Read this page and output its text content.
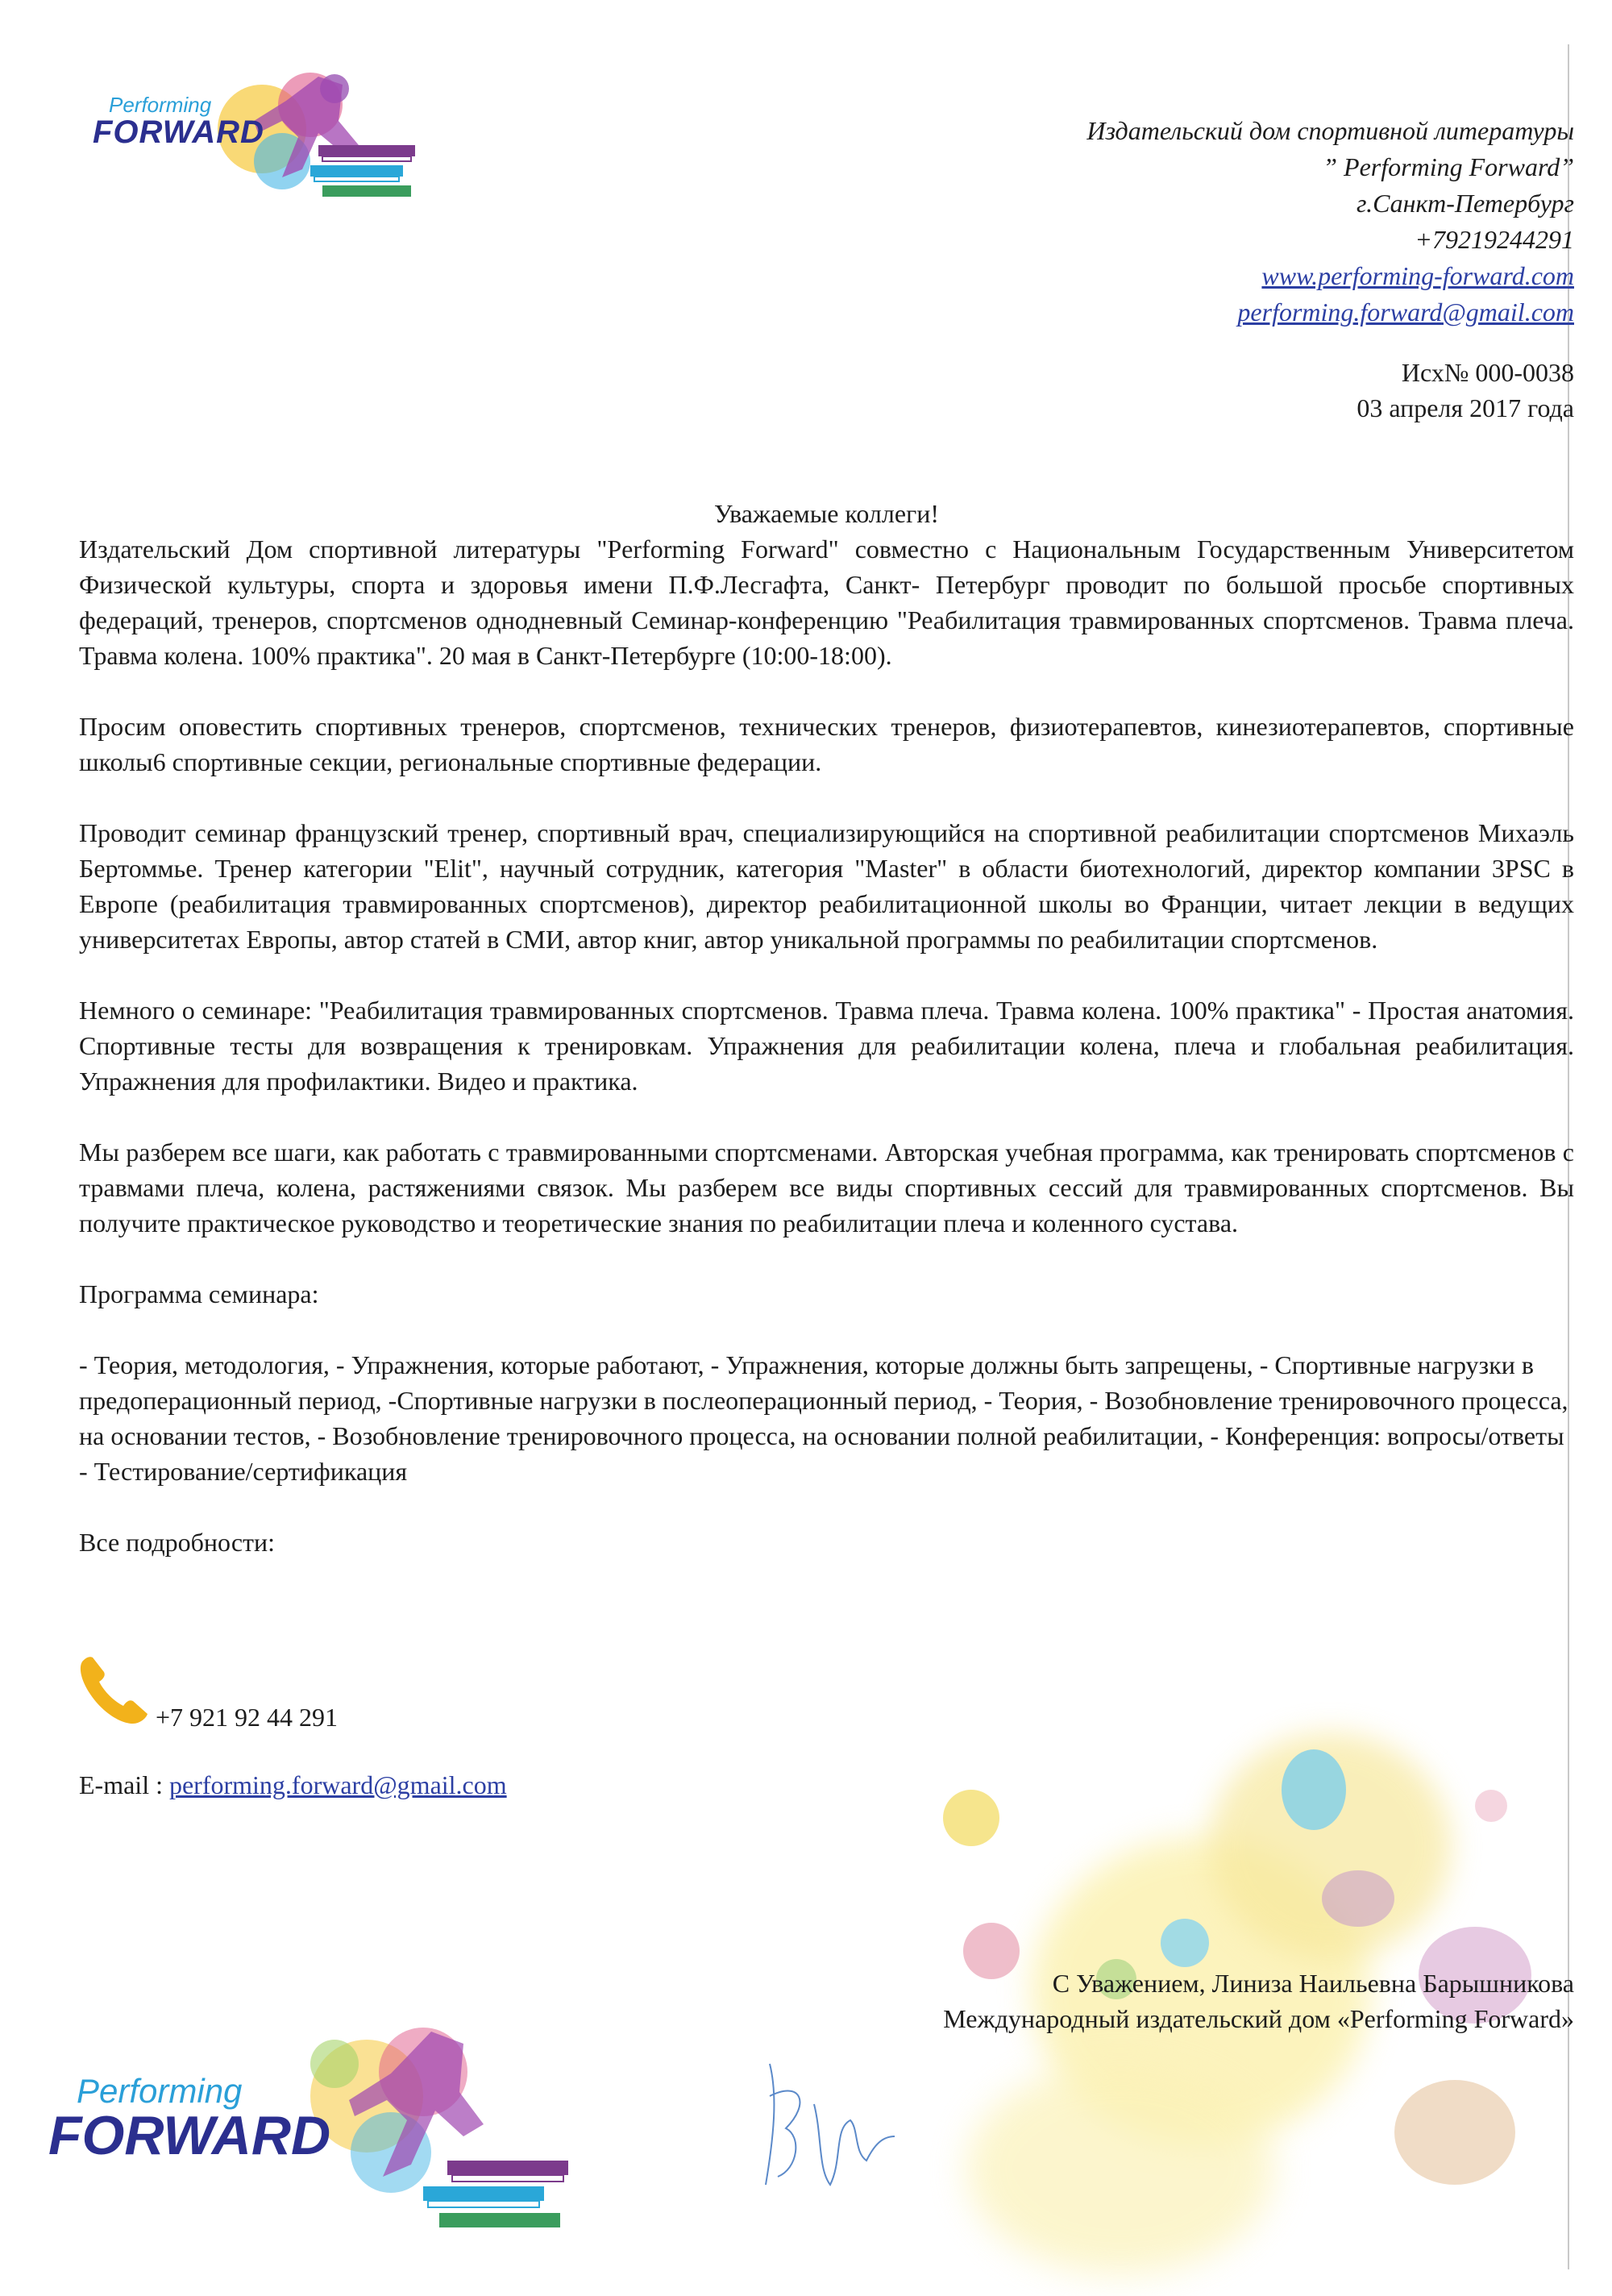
Performing
FORWARD	Издательский дом спортивной литературы
” Performing Forward”
г.Санкт-Петербург
+79219244291
www.performing-forward.com
performing.forward@gmail.com
Исх№ 000-0038
03 апреля 2017 года

Уважаемые коллеги!

Издательский Дом спортивной литературы "Performing Forward" совместно с Национальным Государственным Университетом Физической культуры, спорта и здоровья имени П.Ф.Лесгафта, Санкт- Петербург проводит по большой просьбе спортивных федераций, тренеров, спортсменов однодневный Семинар-конференцию "Реабилитация травмированных спортсменов. Травма плеча. Травма колена. 100% практика". 20 мая в Санкт-Петербурге (10:00-18:00).

Просим оповестить спортивных тренеров, спортсменов, технических тренеров, физиотерапевтов, кинезиотерапевтов, спортивные школы6 спортивные секции, региональные спортивные федерации.

Проводит семинар французский тренер, спортивный врач, специализирующийся на спортивной реабилитации спортсменов Михаэль Бертоммье. Тренер категории "Elit", научный сотрудник, категория "Master" в области биотехнологий, директор компании 3PSC в Европе (реабилитация травмированных спортсменов), директор реабилитационной школы во Франции, читает лекции в ведущих университетах Европы, автор статей в СМИ, автор книг, автор уникальной программы по реабилитации спортсменов.

Немного о семинаре: "Реабилитация травмированных спортсменов. Травма плеча. Травма колена. 100% практика" - Простая анатомия. Спортивные тесты для возвращения к тренировкам. Упражнения для реабилитации колена, плеча и глобальная реабилитация. Упражнения для профилактики. Видео и практика.

Мы разберем все шаги, как работать с травмированными спортсменами. Авторская учебная программа, как тренировать спортсменов с травмами плеча, колена, растяжениями связок. Мы разберем все виды спортивных сессий для травмированных спортсменов. Вы получите практическое руководство и теоретические знания по реабилитации плеча и коленного сустава.

Программа семинара:

- Теория, методология, - Упражнения, которые работают, - Упражнения, которые должны быть запрещены, - Спортивные нагрузки в предоперационный период, -Спортивные нагрузки в послеоперационный период, - Теория, - Возобновление тренировочного процесса, на основании тестов, - Возобновление тренировочного процесса, на основании полной реабилитации, - Конференция: вопросы/ответы - Тестирование/сертификация

Все подробности:

+7 921 92 44 291
E-mail : performing.forward@gmail.com
С Уважением, Линиза Наильевна Барышникова
Международный издательский дом «Performing Forward»
Performing
FORWARD
